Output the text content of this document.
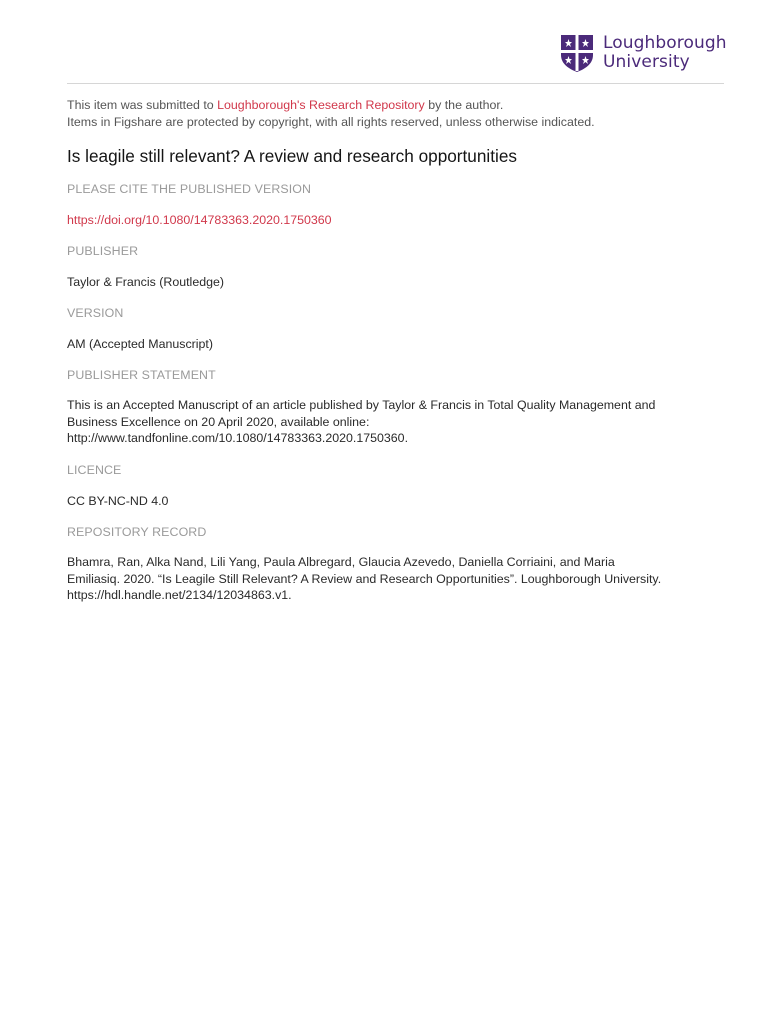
Loughborough
University
This item was submitted to Loughborough's Research Repository by the author.
Items in Figshare are protected by copyright, with all rights reserved, unless otherwise indicated.
Is leagile still relevant? A review and research opportunities
PLEASE CITE THE PUBLISHED VERSION
https://doi.org/10.1080/14783363.2020.1750360
PUBLISHER
Taylor & Francis (Routledge)
VERSION
AM (Accepted Manuscript)
PUBLISHER STATEMENT
This is an Accepted Manuscript of an article published by Taylor & Francis in Total Quality Management and
Business Excellence on 20 April 2020, available online:
http://www.tandfonline.com/10.1080/14783363.2020.1750360.
LICENCE
CC BY-NC-ND 4.0
REPOSITORY RECORD
Bhamra, Ran, Alka Nand, Lili Yang, Paula Albregard, Glaucia Azevedo, Daniella Corriaini, and Maria
Emiliasiq. 2020. “Is Leagile Still Relevant? A Review and Research Opportunities”. Loughborough University.
https://hdl.handle.net/2134/12034863.v1.
